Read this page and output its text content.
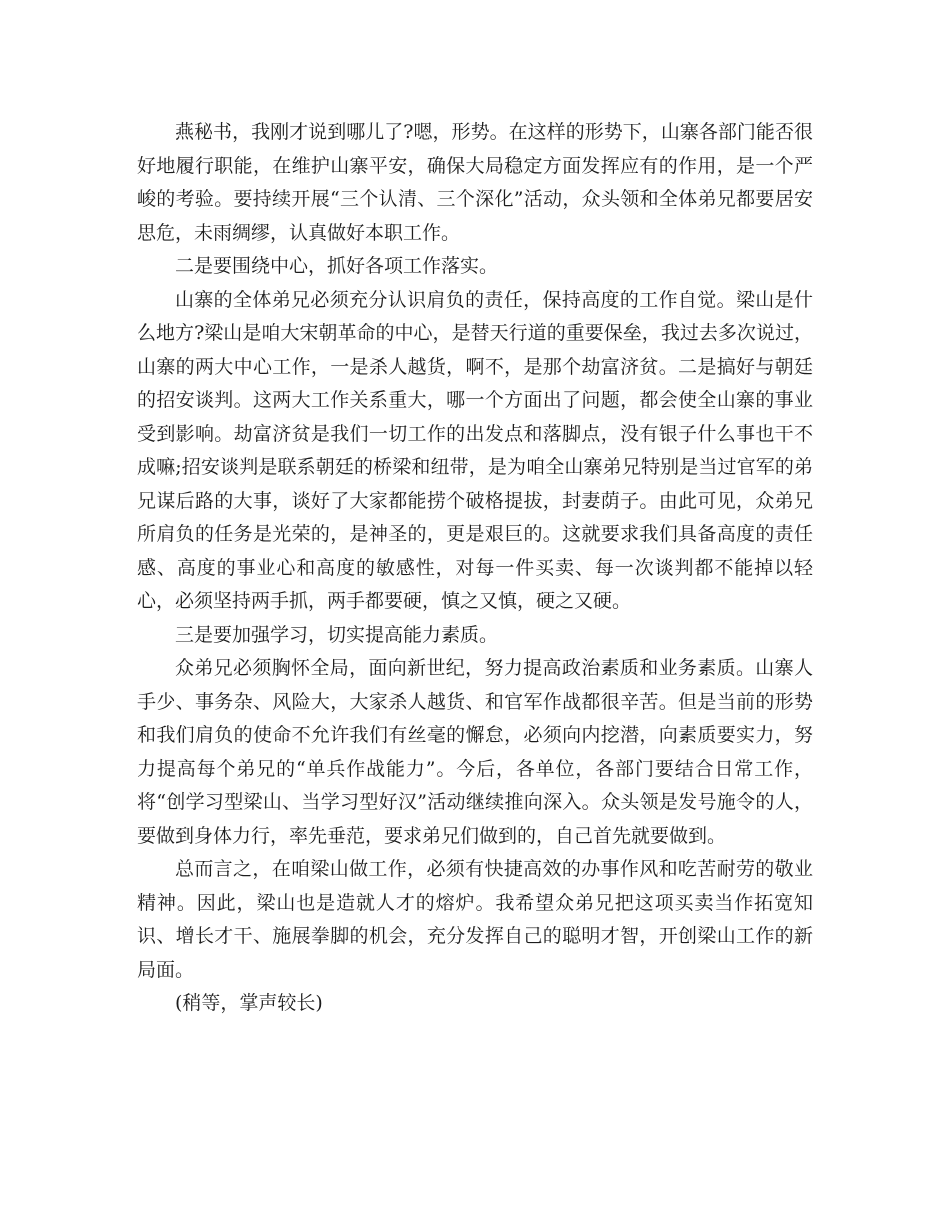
燕秘书，我刚才说到哪儿了?嗯，形势。在这样的形势下，山寨各部门能否很好地履行职能，在维护山寨平安，确保大局稳定方面发挥应有的作用，是一个严峻的考验。要持续开展“三个认清、三个深化”活动，众头领和全体弟兄都要居安思危，未雨绸缪，认真做好本职工作。

二是要围绕中心，抓好各项工作落实。

山寨的全体弟兄必须充分认识肩负的责任，保持高度的工作自觉。梁山是什么地方?梁山是咱大宋朝革命的中心，是替天行道的重要保垒，我过去多次说过，山寨的两大中心工作，一是杀人越货，啊不，是那个劫富济贫。二是搞好与朝廷的招安谈判。这两大工作关系重大，哪一个方面出了问题，都会使全山寨的事业受到影响。劫富济贫是我们一切工作的出发点和落脚点，没有银子什么事也干不成嘛;招安谈判是联系朝廷的桥梁和纽带，是为咱全山寨弟兄特别是当过官军的弟兄谋后路的大事，谈好了大家都能捞个破格提拔，封妻荫子。由此可见，众弟兄所肩负的任务是光荣的，是神圣的，更是艰巨的。这就要求我们具备高度的责任感、高度的事业心和高度的敏感性，对每一件买卖、每一次谈判都不能掉以轻心，必须坚持两手抓，两手都要硬，慎之又慎，硬之又硬。

三是要加强学习，切实提高能力素质。

众弟兄必须胸怀全局，面向新世纪，努力提高政治素质和业务素质。山寨人手少、事务杂、风险大，大家杀人越货、和官军作战都很辛苦。但是当前的形势和我们肩负的使命不允许我们有丝毫的懈怠，必须向内挖潜，向素质要实力，努力提高每个弟兄的“单兵作战能力”。今后，各单位，各部门要结合日常工作，将“创学习型梁山、当学习型好汉”活动继续推向深入。众头领是发号施令的人，要做到身体力行，率先垂范，要求弟兄们做到的，自己首先就要做到。

总而言之，在咱梁山做工作，必须有快捷高效的办事作风和吃苦耐劳的敬业精神。因此，梁山也是造就人才的熔炉。我希望众弟兄把这项买卖当作拓宽知识、增长才干、施展拳脚的机会，充分发挥自己的聪明才智，开创梁山工作的新局面。

(稍等，掌声较长)
